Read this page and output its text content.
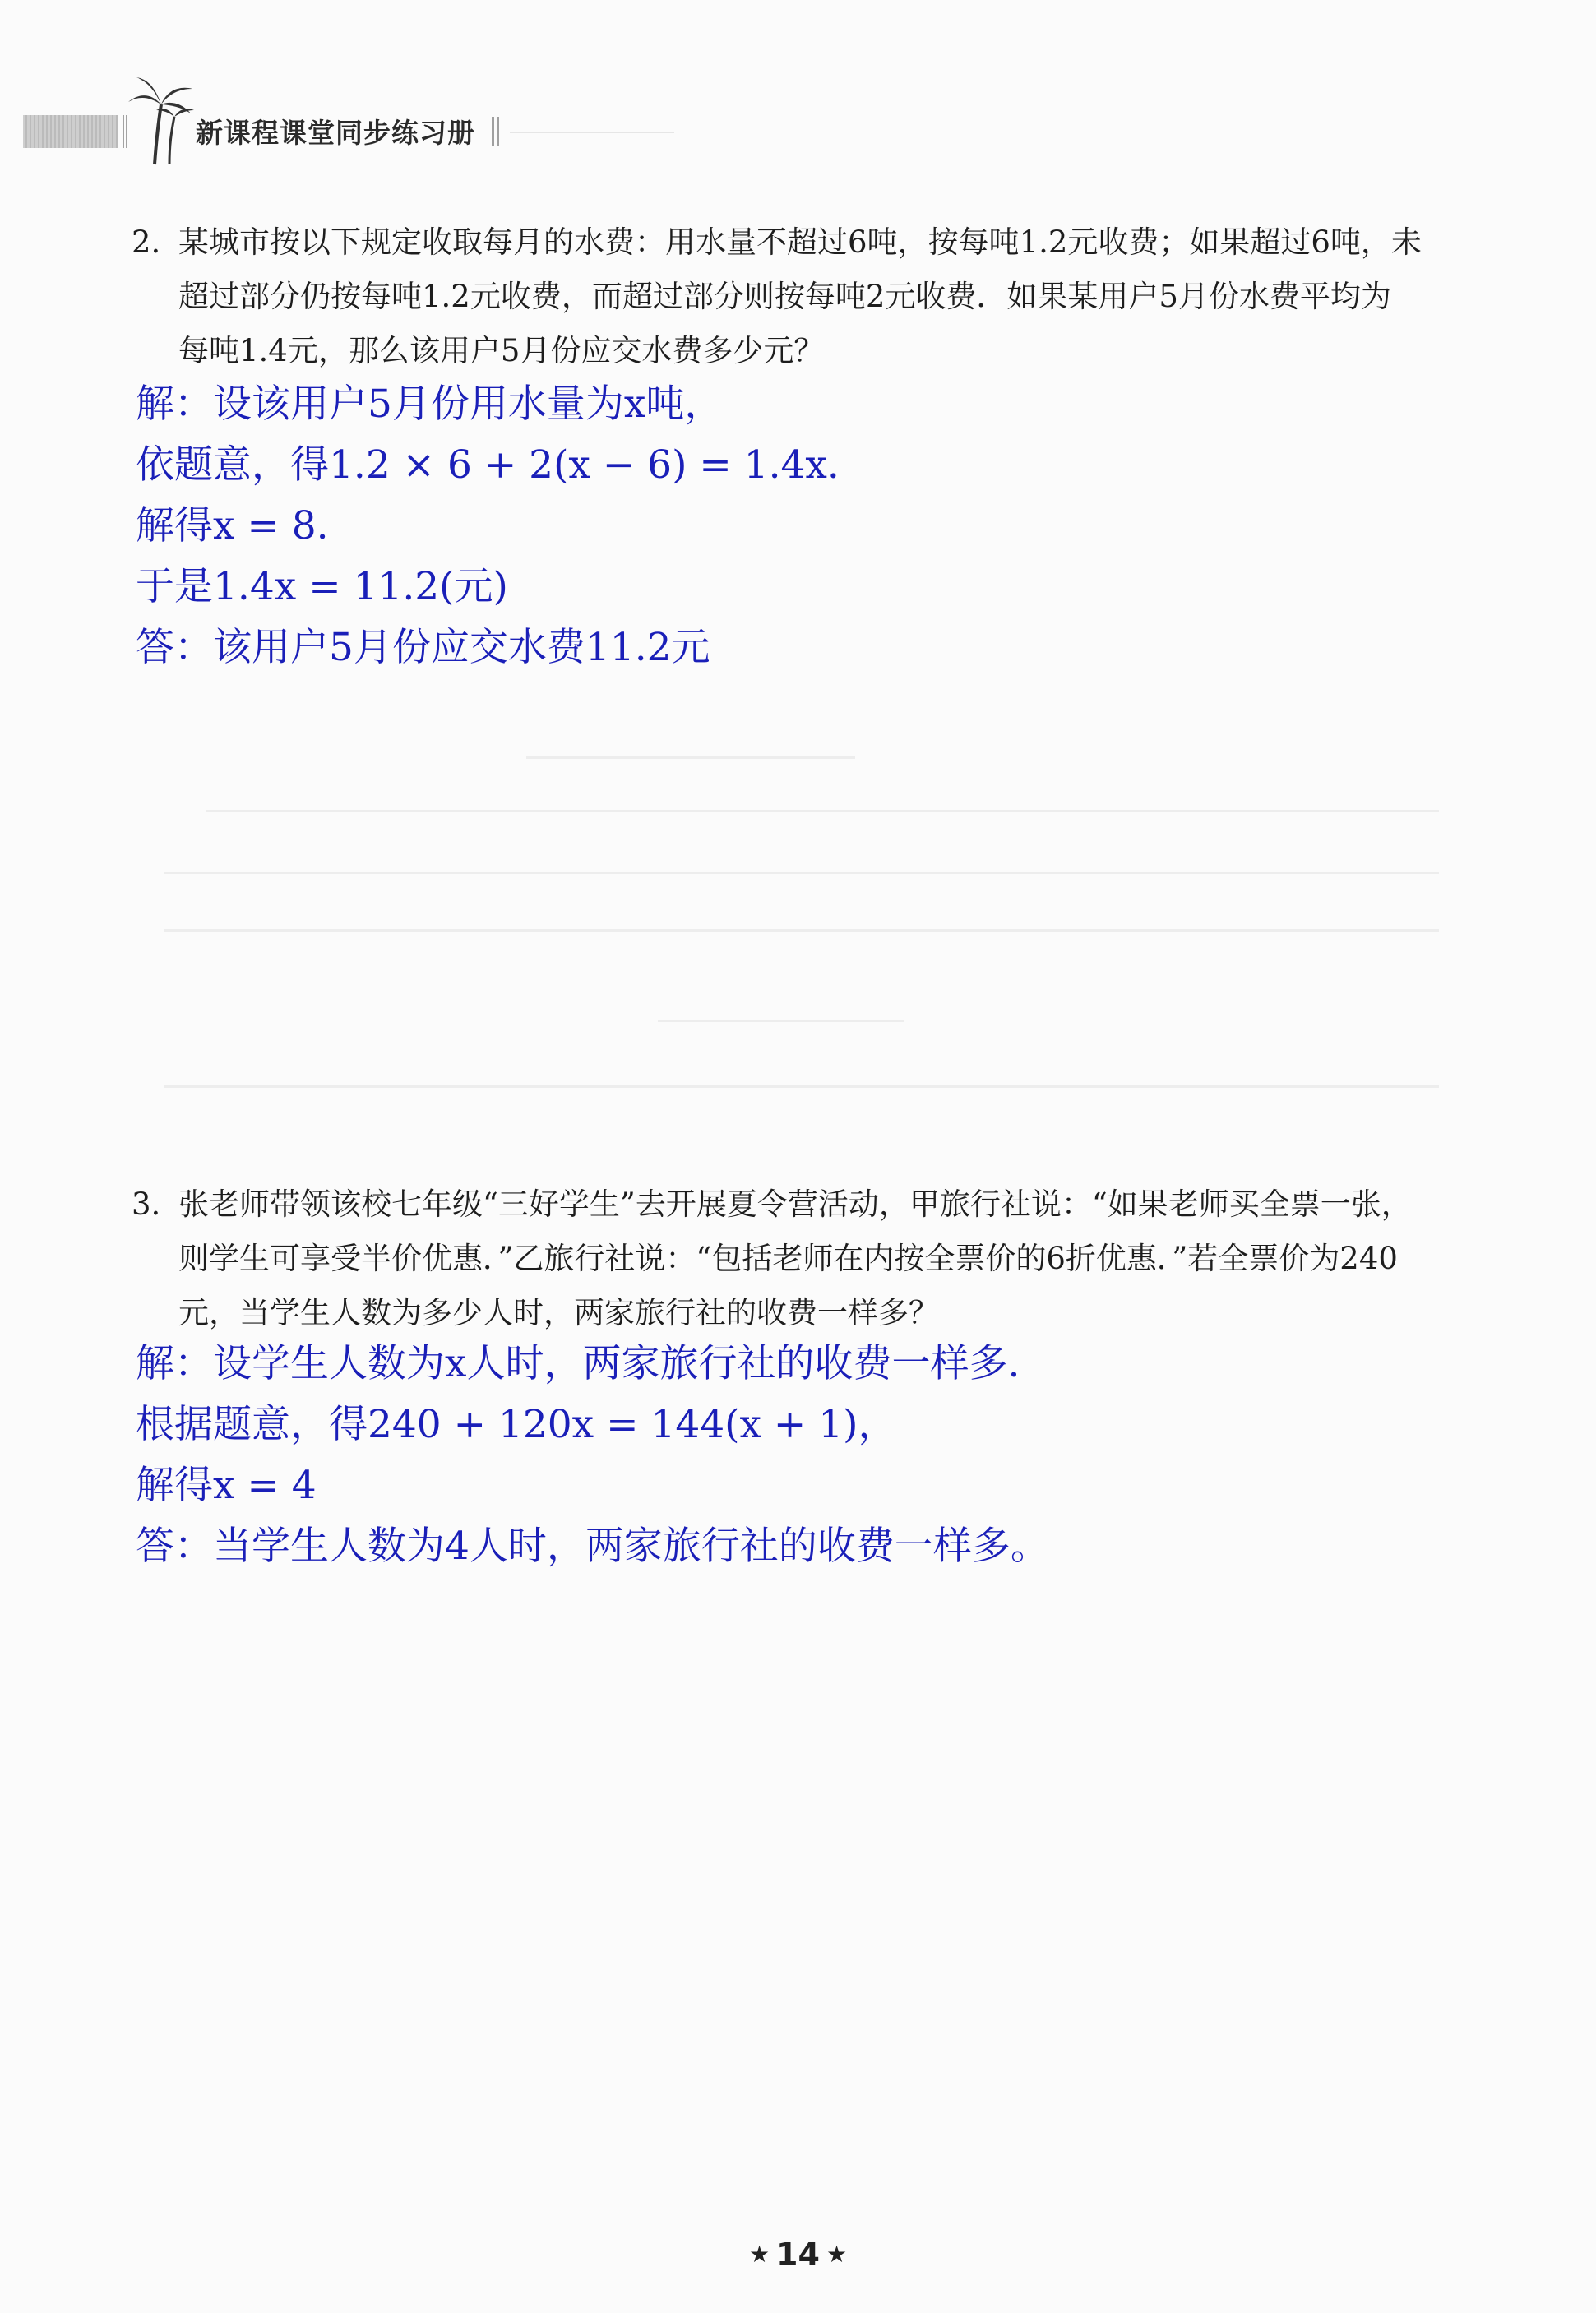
新课程课堂同步练习册
2. 某城市按以下规定收取每月的水费：用水量不超过6吨，按每吨1.2元收费；如果超过6吨，未
超过部分仍按每吨1.2元收费，而超过部分则按每吨2元收费．如果某用户5月份水费平均为
每吨1.4元，那么该用户5月份应交水费多少元？
解：设该用户5月份用水量为x吨，
依题意，得1.2 × 6 + 2(x − 6) = 1.4x.
解得x = 8.
于是1.4x = 11.2(元)
答：该用户5月份应交水费11.2元
3. 张老师带领该校七年级“三好学生”去开展夏令营活动，甲旅行社说：“如果老师买全票一张，
则学生可享受半价优惠．”乙旅行社说：“包括老师在内按全票价的6折优惠．”若全票价为240
元，当学生人数为多少人时，两家旅行社的收费一样多？
解：设学生人数为x人时，两家旅行社的收费一样多.
根据题意，得240 + 120x = 144(x + 1)，
解得x = 4
答：当学生人数为4人时，两家旅行社的收费一样多。
★ 14 ★
